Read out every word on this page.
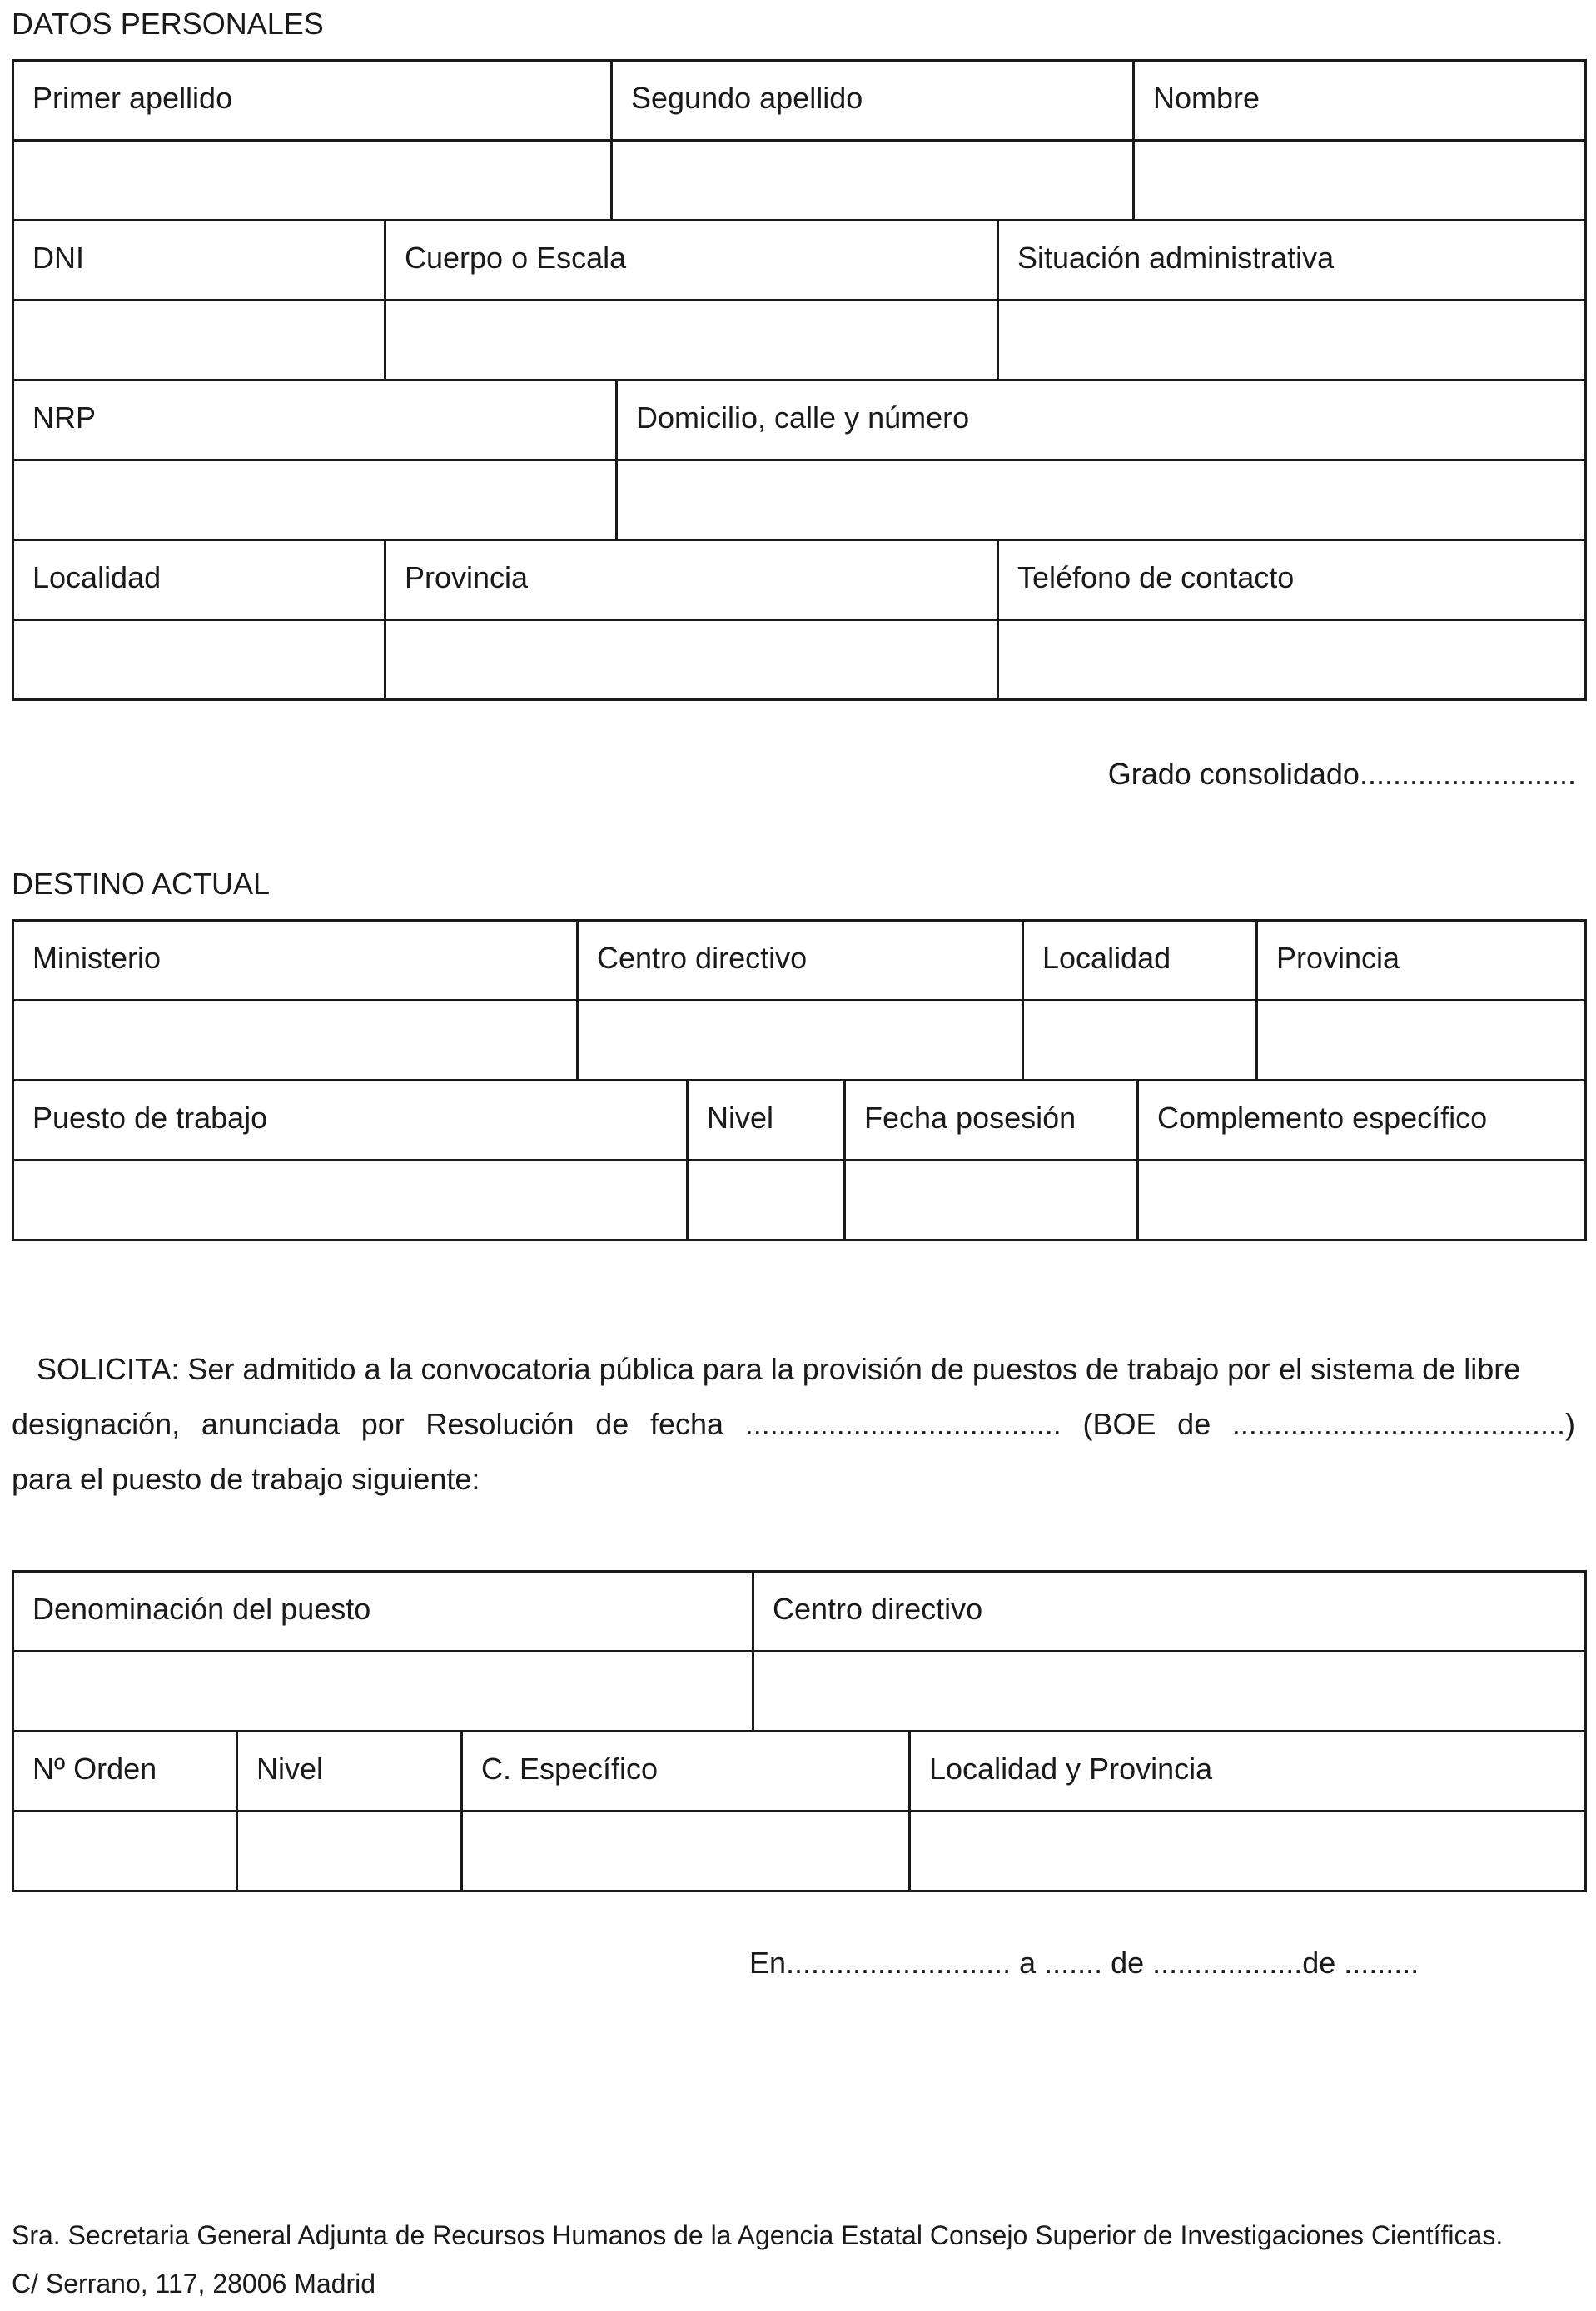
DATOS PERSONALES
Primer apellido	Segundo apellido	Nombre
DNI	Cuerpo o Escala	Situación administrativa
NRP	Domicilio, calle y número
Localidad	Provincia	Teléfono de contacto
Grado consolidado..........................
DESTINO ACTUAL
Ministerio	Centro directivo	Localidad	Provincia
Puesto de trabajo	Nivel	Fecha posesión	Complemento específico
SOLICITA: Ser admitido a la convocatoria pública para la provisión de puestos de trabajo por el sistema de libre
designación, anunciada por Resolución de fecha ...................................... (BOE de ........................................)
para el puesto de trabajo siguiente:
Denominación del puesto	Centro directivo
Nº Orden	Nivel	C. Específico	Localidad y Provincia
En........................... a ....... de ..................de .........
Sra. Secretaria General Adjunta de Recursos Humanos de la Agencia Estatal Consejo Superior de Investigaciones Científicas.
C/ Serrano, 117, 28006 Madrid
